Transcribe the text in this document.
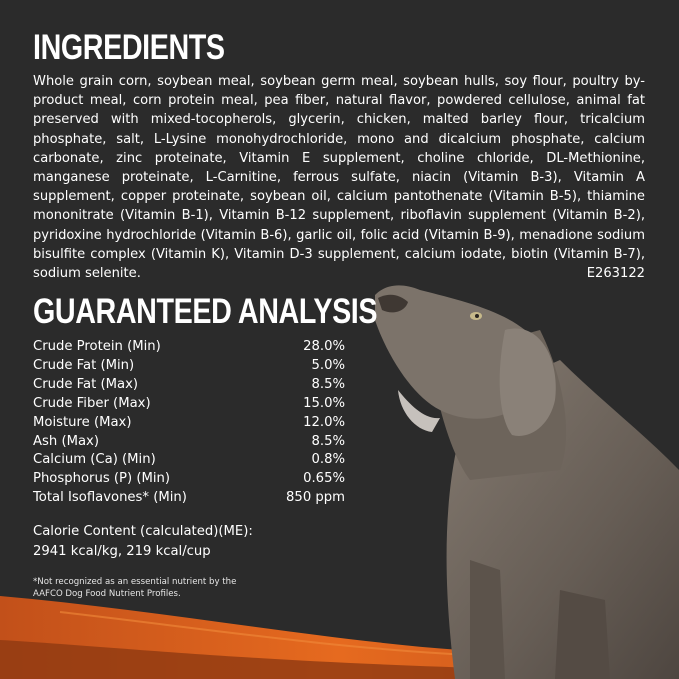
INGREDIENTS
Whole grain corn, soybean meal, soybean germ meal, soybean hulls, soy flour, poultry by-product meal, corn protein meal, pea fiber, natural flavor, powdered cellulose, animal fat preserved with mixed-tocopherols, glycerin, chicken, malted barley flour, tricalcium phosphate, salt, L-Lysine monohydrochloride, mono and dicalcium phosphate, calcium carbonate, zinc proteinate, Vitamin E supplement, choline chloride, DL-Methionine, manganese proteinate, L-Carnitine, ferrous sulfate, niacin (Vitamin B-3), Vitamin A supplement, copper proteinate, soybean oil, calcium pantothenate (Vitamin B-5), thiamine mononitrate (Vitamin B-1), Vitamin B-12 supplement, riboflavin supplement (Vitamin B-2), pyridoxine hydrochloride (Vitamin B-6), garlic oil, folic acid (Vitamin B-9), menadione sodium bisulfite complex (Vitamin K), Vitamin D-3 supplement, calcium iodate, biotin (Vitamin B-7), sodium selenite.	E263122
GUARANTEED ANALYSIS
Crude Protein (Min)	28.0%
Crude Fat (Min)	5.0%
Crude Fat (Max)	8.5%
Crude Fiber (Max)	15.0%
Moisture (Max)	12.0%
Ash (Max)	8.5%
Calcium (Ca) (Min)	0.8%
Phosphorus (P) (Min)	0.65%
Total Isoflavones* (Min)	850 ppm
Calorie Content (calculated)(ME):
2941 kcal/kg, 219 kcal/cup
*Not recognized as an essential nutrient by the
AAFCO Dog Food Nutrient Profiles.
